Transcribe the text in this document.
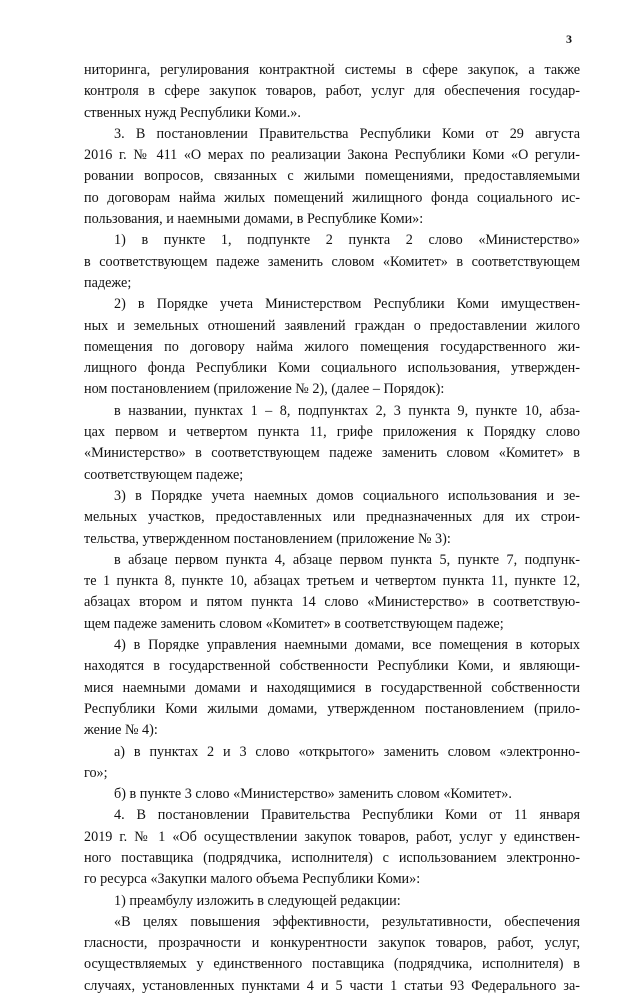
3
ниторинга, регулирования контрактной системы в сфере закупок, а также
контроля в сфере закупок товаров, работ, услуг для обеспечения государ-
ственных нужд Республики Коми.».
3. В постановлении Правительства Республики Коми от 29 августа
2016 г. № 411 «О мерах по реализации Закона Республики Коми «О регули-
ровании вопросов, связанных с жилыми помещениями, предоставляемыми
по договорам найма жилых помещений жилищного фонда социального ис-
пользования, и наемными домами, в Республике Коми»:
1) в пункте 1, подпункте 2 пункта 2 слово «Министерство»
в соответствующем падеже заменить словом «Комитет» в соответствующем
падеже;
2) в Порядке учета Министерством Республики Коми имуществен-
ных и земельных отношений заявлений граждан о предоставлении жилого
помещения по договору найма жилого помещения государственного жи-
лищного фонда Республики Коми социального использования, утвержден-
ном постановлением (приложение № 2), (далее – Порядок):
в названии, пунктах 1 – 8, подпунктах 2, 3 пункта 9, пункте 10, абза-
цах первом и четвертом пункта 11, грифе приложения к Порядку слово
«Министерство» в соответствующем падеже заменить словом «Комитет» в
соответствующем падеже;
3) в Порядке учета наемных домов социального использования и зе-
мельных участков, предоставленных или предназначенных для их строи-
тельства, утвержденном постановлением (приложение № 3):
в абзаце первом пункта 4, абзаце первом пункта 5, пункте 7, подпунк-
те 1 пункта 8, пункте 10, абзацах третьем и четвертом пункта 11, пункте 12,
абзацах втором и пятом пункта 14 слово «Министерство» в соответствую-
щем падеже заменить словом «Комитет» в соответствующем падеже;
4) в Порядке управления наемными домами, все помещения в которых
находятся в государственной собственности Республики Коми, и являющи-
мися наемными домами и находящимися в государственной собственности
Республики Коми жилыми домами, утвержденном постановлением (прило-
жение № 4):
а) в пунктах 2 и 3 слово «открытого» заменить словом «электронно-
го»;
б) в пункте 3 слово «Министерство» заменить словом «Комитет».
4. В постановлении Правительства Республики Коми от 11 января
2019 г. № 1 «Об осуществлении закупок товаров, работ, услуг у единствен-
ного поставщика (подрядчика, исполнителя) с использованием электронно-
го ресурса «Закупки малого объема Республики Коми»:
1) преамбулу изложить в следующей редакции:
«В целях повышения эффективности, результативности, обеспечения
гласности, прозрачности и конкурентности закупок товаров, работ, услуг,
осуществляемых у единственного поставщика (подрядчика, исполнителя) в
случаях, установленных пунктами 4 и 5 части 1 статьи 93 Федерального за-
